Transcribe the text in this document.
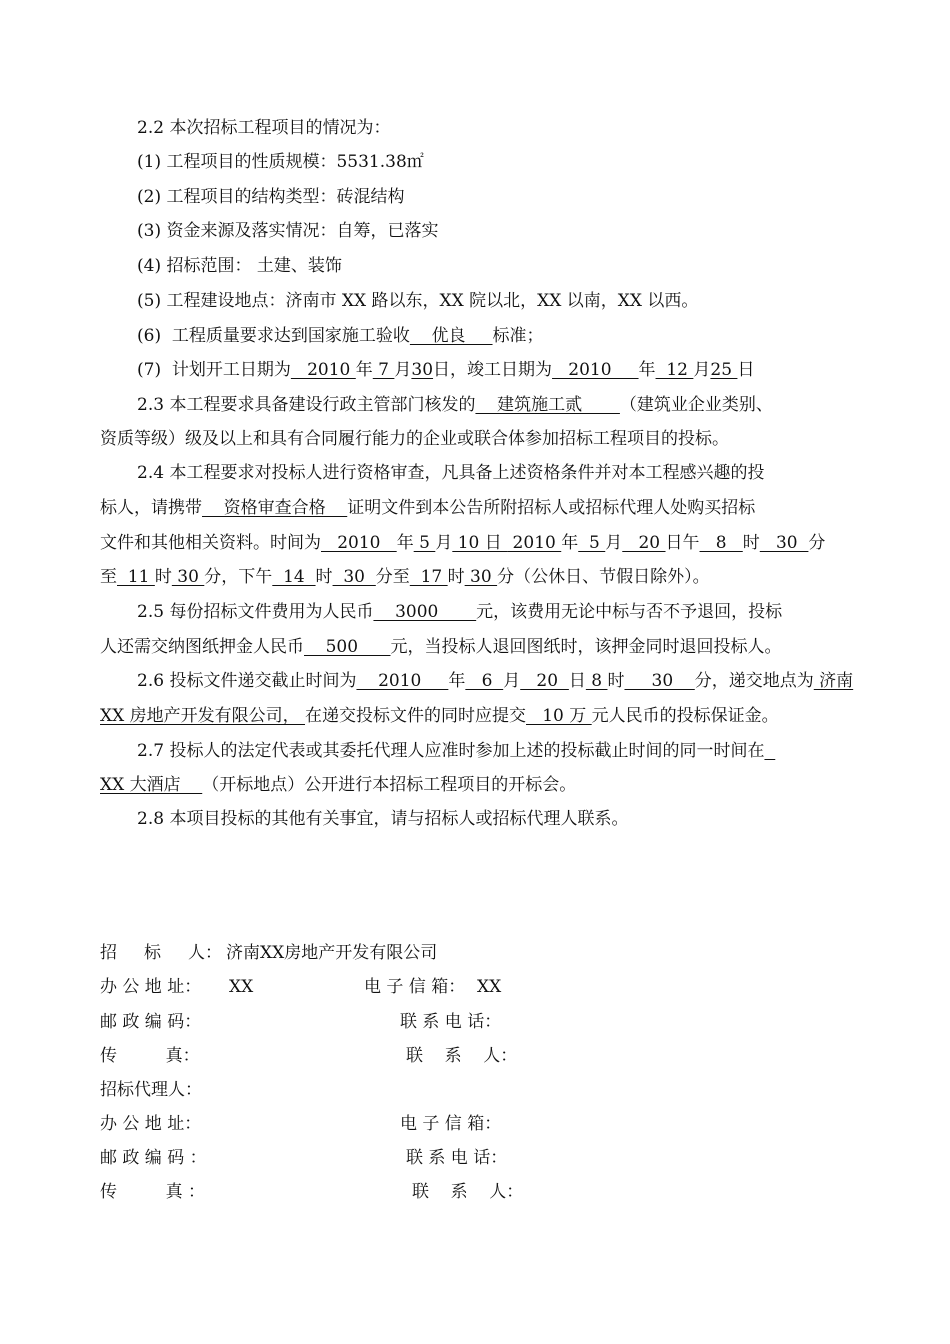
2.2 本次招标工程项目的情况为：
(1) 工程项目的性质规模：5531.38㎡
(2) 工程项目的结构类型：砖混结构
(3) 资金来源及落实情况：自筹，已落实
(4) 招标范围： 土建、装饰
(5) 工程建设地点：济南市 XX 路以东，XX 院以北，XX 以南，XX 以西。
(6)  工程质量要求达到国家施工验收    优良     标准；
(7)  计划开工日期为   2010 年 7 月30日，竣工日期为   2010     年  12 月25 日
2.3 本工程要求具备建设行政主管部门核发的    建筑施工贰       （建筑业企业类别、
资质等级）级及以上和具有合同履行能力的企业或联合体参加招标工程项目的投标。
2.4 本工程要求对投标人进行资格审查，凡具备上述资格条件并对本工程感兴趣的投
标人，请携带    资格审查合格    证明文件到本公告所附招标人或招标代理人处购买招标
文件和其他相关资料。时间为   2010   年 5 月 10 日  2010 年  5 月   20 日午   8   时   30  分
至  11 时 30 分，下午  14  时  30  分至  17 时 30 分（公休日、节假日除外）。
2.5 每份招标文件费用为人民币    3000       元，该费用无论中标与否不予退回，投标
人还需交纳图纸押金人民币    500      元，当投标人退回图纸时，该押金同时退回投标人。
2.6 投标文件递交截止时间为    2010     年   6  月   20  日 8 时     30    分，递交地点为 济南
XX 房地产开发有限公司， 在递交投标文件的同时应提交   10 万 元人民币的投标保证金。
2.7 投标人的法定代表或其委托代理人应准时参加上述的投标截止时间的同一时间在
XX 大酒店    （开标地点）公开进行本招标工程项目的开标会。
2.8 本项目投标的其他有关事宜，请与招标人或招标代理人联系。
招     标     人： 济南XX房地产开发有限公司
办 公 地 址： XX	电 子 信 箱： XX
邮 政 编 码：	联 系 电 话：
传         真：	联    系    人：
招标代理人：
办 公 地 址：	电 子 信 箱：
邮 政 编 码 ：	联 系 电 话：
传         真 ：	联    系    人：
